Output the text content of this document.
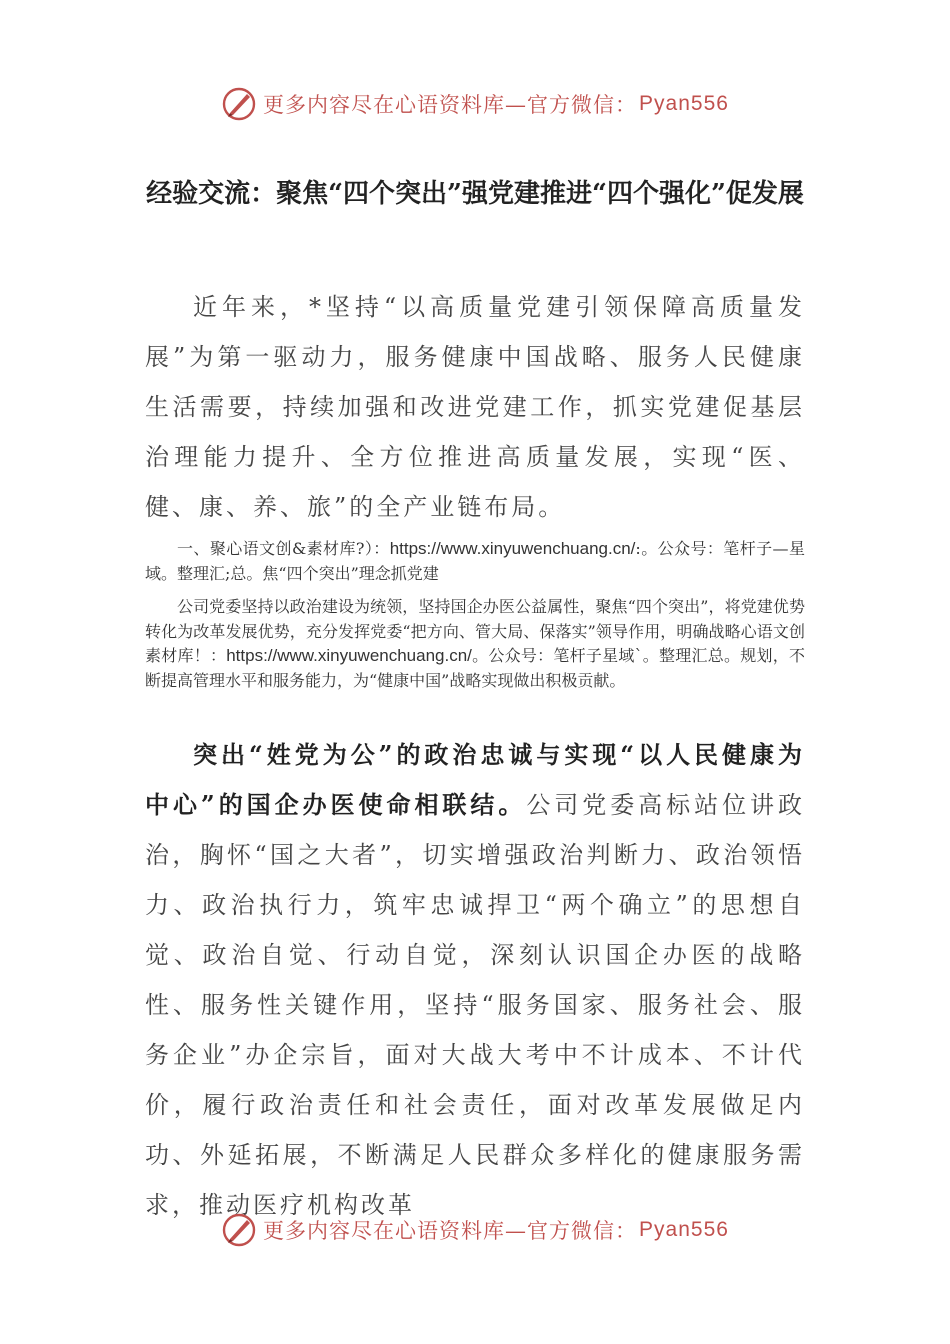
更多内容尽在心语资料库—官方微信： Pyan556
经验交流：聚焦“四个突出”强党建推进“四个强化”促发展
近年来，*坚持“以高质量党建引领保障高质量发展”为第一驱动力，服务健康中国战略、服务人民健康生活需要，持续加强和改进党建工作，抓实党建促基层治理能力提升、全方位推进高质量发展，实现“医、健、康、养、旅”的全产业链布局。
一、聚心语文创&素材库?）：https://www.xinyuwenchuang.cn/:。公众号：笔杆子—星域。整理汇;总。焦“四个突出”理念抓党建
公司党委坚持以政治建设为统领，坚持国企办医公益属性，聚焦“四个突出”，将党建优势转化为改革发展优势，充分发挥党委“把方向、管大局、保落实”领导作用，明确战略心语文创素材库！：https://www.xinyuwenchuang.cn/。公众号：笔杆子星域`。整理汇总。规划，不断提高管理水平和服务能力，为“健康中国”战略实现做出积极贡献。
突出“姓党为公”的政治忠诚与实现“以人民健康为中心”的国企办医使命相联结。公司党委高标站位讲政治，胸怀“国之大者”，切实增强政治判断力、政治领悟力、政治执行力，筑牢忠诚捍卫“两个确立”的思想自觉、政治自觉、行动自觉，深刻认识国企办医的战略性、服务性关键作用，坚持“服务国家、服务社会、服务企业”办企宗旨，面对大战大考中不计成本、不计代价，履行政治责任和社会责任，面对改革发展做足内功、外延拓展，不断满足人民群众多样化的健康服务需求，推动医疗机构改革
更多内容尽在心语资料库—官方微信： Pyan556
